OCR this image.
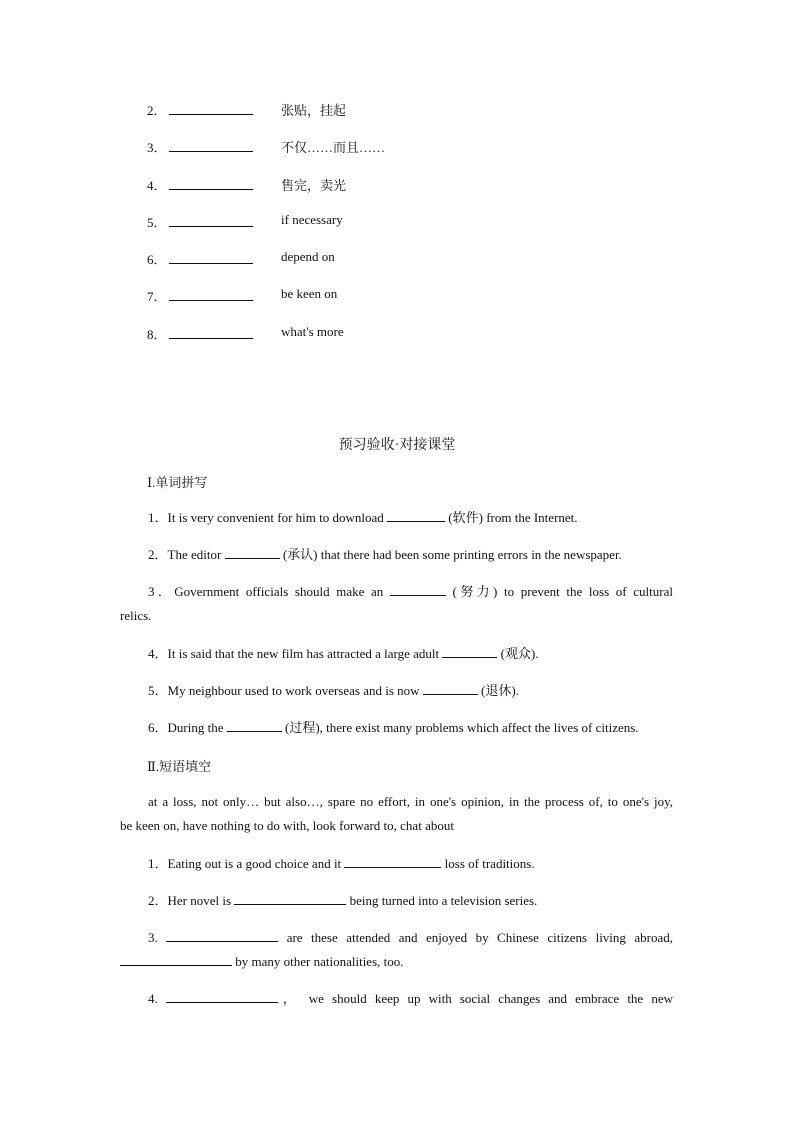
2．	张贴，挂起
3．	不仅……而且……
4．	售完，卖光
5．	if necessary
6．	depend on
7．	be keen on
8．	what's more
预习验收·对接课堂
Ⅰ.单词拼写
1．It is very convenient for him to download	(软件) from the Internet.
2．The editor	(承认) that there had been some printing errors in the newspaper.
3．Government officials should make an	(努力) to prevent the loss of cultural
relics.
4．It is said that the new film has attracted a large adult	(观众).
5．My neighbour used to work overseas and is now	(退休).
6．During the	(过程), there exist many problems which affect the lives of citizens.
Ⅱ.短语填空
at a loss, not only… but also…, spare no effort, in one's opinion, in the process of, to one's joy,
be keen on, have nothing to do with, look forward to, chat about
1．Eating out is a good choice and it	loss of traditions.
2．Her novel is	being turned into a television series.
3.	are these attended and enjoyed by Chinese citizens living abroad,
by many other nationalities, too.
4.	， we should keep up with social changes and embrace the new
